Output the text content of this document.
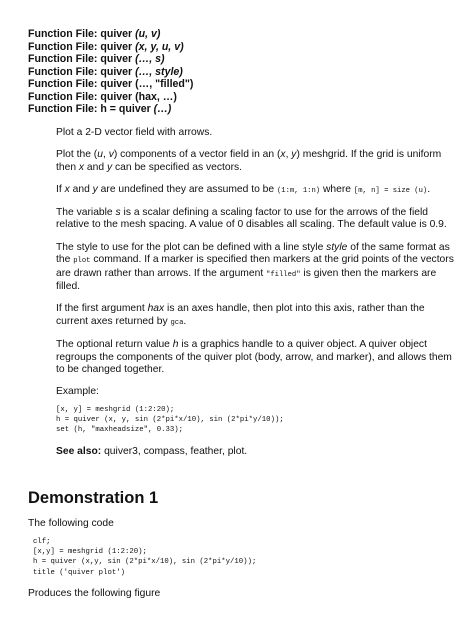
Function File: quiver (u, v)
Function File: quiver (x, y, u, v)
Function File: quiver (…, s)
Function File: quiver (…, style)
Function File: quiver (…, "filled")
Function File: quiver (hax, …)
Function File: h = quiver (…)

Plot a 2-D vector field with arrows.

Plot the (u, v) components of a vector field in an (x, y) meshgrid. If the grid is uniform then x and y can be specified as vectors.

If x and y are undefined they are assumed to be (1:m, 1:n) where [m, n] = size (u).

The variable s is a scalar defining a scaling factor to use for the arrows of the field relative to the mesh spacing. A value of 0 disables all scaling. The default value is 0.9.

The style to use for the plot can be defined with a line style style of the same format as the plot command. If a marker is specified then markers at the grid points of the vectors are drawn rather than arrows. If the argument "filled" is given then the markers are filled.

If the first argument hax is an axes handle, then plot into this axis, rather than the current axes returned by gca.

The optional return value h is a graphics handle to a quiver object. A quiver object regroups the components of the quiver plot (body, arrow, and marker), and allows them to be changed together.

Example:

[x, y] = meshgrid (1:2:20);
h = quiver (x, y, sin (2*pi*x/10), sin (2*pi*y/10));
set (h, "maxheadsize", 0.33);

See also: quiver3, compass, feather, plot.

Demonstration 1
The following code
clf;
[x,y] = meshgrid (1:2:20);
h = quiver (x,y, sin (2*pi*x/10), sin (2*pi*y/10));
title ('quiver plot')
Produces the following figure
